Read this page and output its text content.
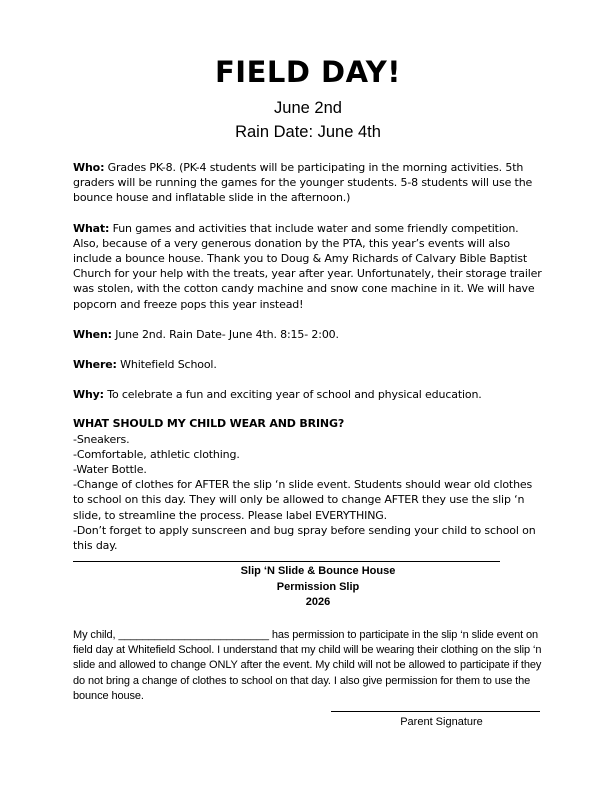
FIELD DAY!
June 2nd
Rain Date: June 4th

Who: Grades PK-8. (PK-4 students will be participating in the morning activities. 5th graders will be running the games for the younger students. 5-8 students will use the bounce house and inflatable slide in the afternoon.)

What: Fun games and activities that include water and some friendly competition. Also, because of a very generous donation by the PTA, this year’s events will also include a bounce house. Thank you to Doug & Amy Richards of Calvary Bible Baptist Church for your help with the treats, year after year. Unfortunately, their storage trailer was stolen, with the cotton candy machine and snow cone machine in it. We will have popcorn and freeze pops this year instead!

When: June 2nd. Rain Date- June 4th. 8:15- 2:00.

Where: Whitefield School.

Why: To celebrate a fun and exciting year of school and physical education.

WHAT SHOULD MY CHILD WEAR AND BRING?
-Sneakers.
-Comfortable, athletic clothing.
-Water Bottle.
-Change of clothes for AFTER the slip ‘n slide event. Students should wear old clothes to school on this day. They will only be allowed to change AFTER they use the slip ‘n slide, to streamline the process. Please label EVERYTHING.
-Don’t forget to apply sunscreen and bug spray before sending your child to school on this day.
Slip ‘N Slide & Bounce House
Permission Slip
2026
My child, _________________________ has permission to participate in the slip ‘n slide event on field day at Whitefield School. I understand that my child will be wearing their clothing on the slip ‘n slide and allowed to change ONLY after the event. My child will not be allowed to participate if they do not bring a change of clothes to school on that day. I also give permission for them to use the bounce house.
Parent Signature
